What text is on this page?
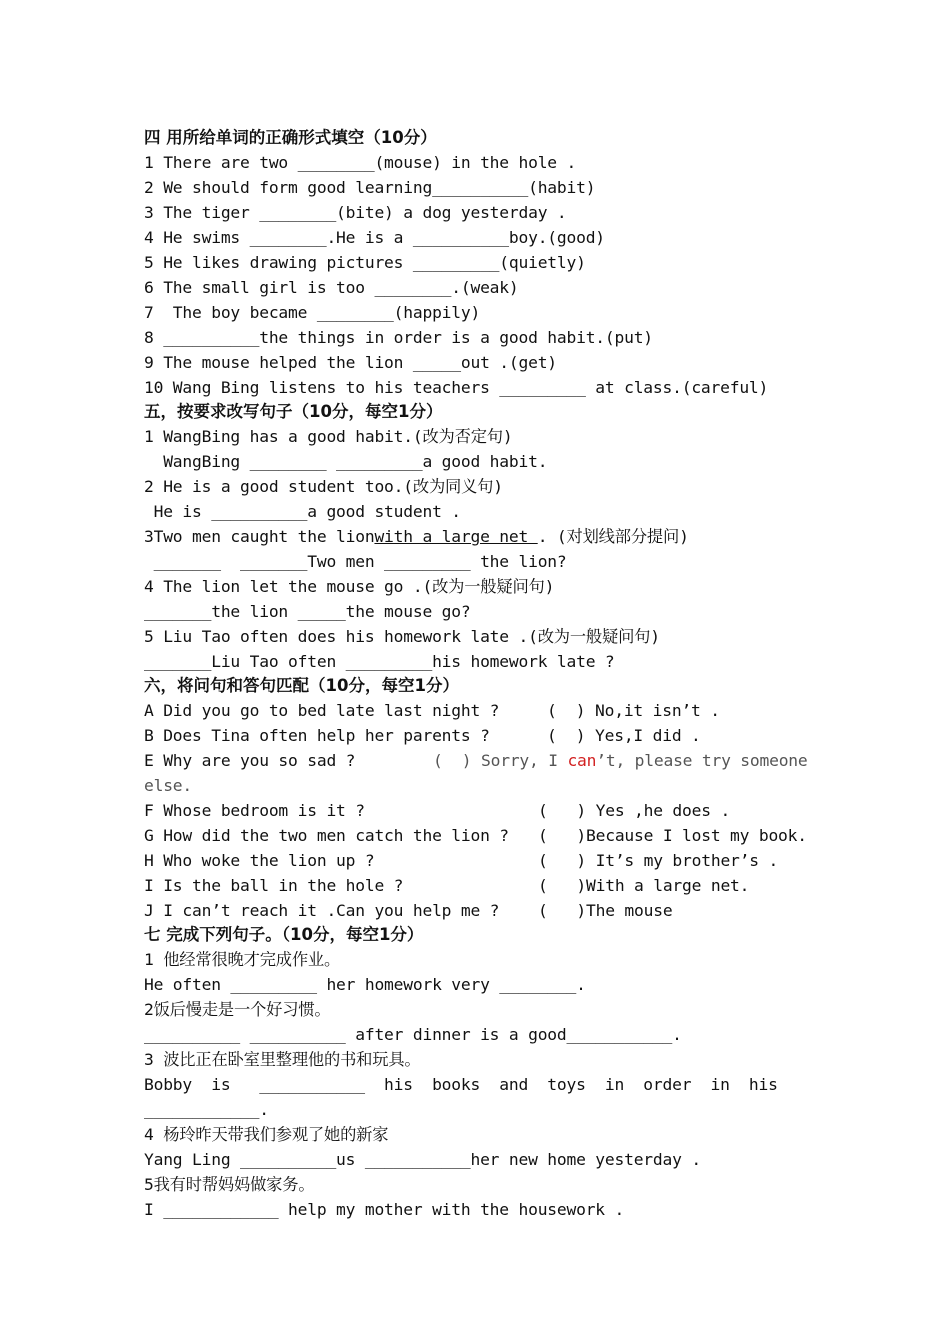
四 用所给单词的正确形式填空（10分）
1 There are two ________(mouse) in the hole .
2 We should form good learning__________(habit)
3 The tiger ________(bite) a dog yesterday .
4 He swims ________.He is a __________boy.(good)
5 He likes drawing pictures _________(quietly)
6 The small girl is too ________.(weak)
7  The boy became ________(happily)
8 __________the things in order is a good habit.(put)
9 The mouse helped the lion _____out .(get)
10 Wang Bing listens to his teachers _________ at class.(careful)
五，按要求改写句子（10分，每空1分）
1 WangBing has a good habit.(改为否定句)
WangBing ________ _________a good habit.
2 He is a good student too.(改为同义句)
He is __________a good student .
3Two men caught the lionwith a large net . (对划线部分提问)
_______  _______Two men _________ the lion?
4 The lion let the mouse go .(改为一般疑问句)
_______the lion _____the mouse go?
5 Liu Tao often does his homework late .(改为一般疑问句)
_______Liu Tao often _________his homework late ?
六，将问句和答句匹配（10分，每空1分）
A Did you go to bed late last night ?	(  ) No,it isn’t .
B Does Tina often help her parents ?	(  ) Yes,I did .
E Why are you so sad ?	(  ) Sorry, I can’t, please try someone
else.
F Whose bedroom is it ?	(   ) Yes ,he does .
G How did the two men catch the lion ? (   )Because I lost my book.
H Who woke the lion up ?	(   ) It’s my brother’s .
I Is the ball in the hole ?	(   )With a large net.
J I can’t reach it .Can you help me ? (   )The mouse
七 完成下列句子。（10分，每空1分）
1 他经常很晚才完成作业。
He often _________ her homework very ________.
2饭后慢走是一个好习惯。
__________ __________ after dinner is a good___________.
3 波比正在卧室里整理他的书和玩具。
Bobby  is   ___________  his  books  and  toys  in  order  in  his
____________.
4 杨玲昨天带我们参观了她的新家
Yang Ling __________us ___________her new home yesterday .
5我有时帮妈妈做家务。
I ____________ help my mother with the housework .
